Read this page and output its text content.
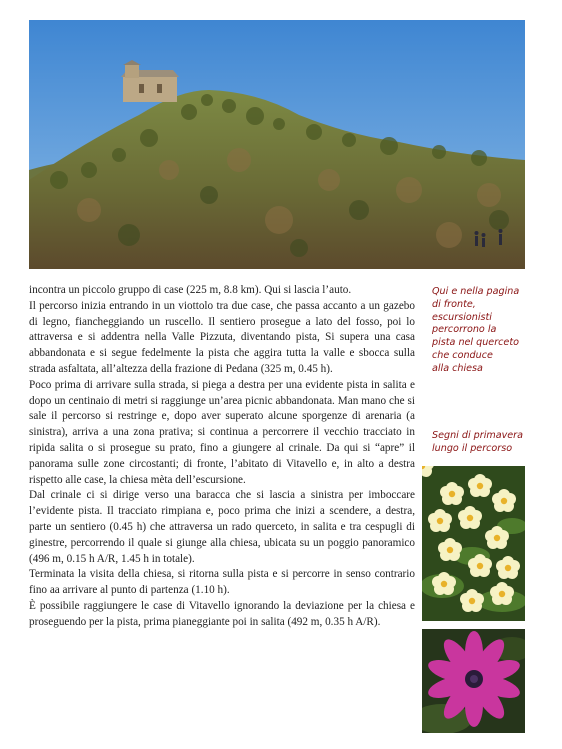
incontra un piccolo gruppo di case (225 m, 8.8 km). Qui si lascia l’auto.

Il percorso inizia entrando in un viottolo tra due case, che passa accanto a un gazebo di legno, fiancheggiando un ruscello. Il sentiero prosegue a lato del fosso, poi lo attraversa e si addentra nella Valle Pizzuta, diventando pista, Si supera una casa abbandonata e si segue fedelmente la pista che aggira tutta la valle e sbocca sulla strada asfaltata, all’altezza della frazione di Pedana (325 m, 0.45 h).

Poco prima di arrivare sulla strada, si piega a destra per una evidente pista in salita e dopo un centinaio di metri si raggiunge un’area picnic abbandonata. Man mano che si sale il percorso si restringe e, dopo aver superato alcune sporgenze di arenaria (a sinistra), arriva a una zona prativa; si continua a percorrere il vecchio tracciato in ripida salita o si prosegue su prato, fino a giungere al crinale. Da qui si “apre” il panorama sulle zone circostanti; di fronte, l’abitato di Vitavello e, in alto a destra rispetto alle case, la chiesa mèta dell’escursione.

Dal crinale ci si dirige verso una baracca che si lascia a sinistra per imboccare l’evidente pista. Il tracciato rimpiana e, poco prima che inizi a scendere, a destra, parte un sentiero (0.45 h) che attraversa un rado querceto, in salita e tra cespugli di ginestre, percorrendo il quale si giunge alla chiesa, ubicata su un poggio panoramico (496 m, 0.15 h A/R, 1.45 h in totale).

Terminata la visita della chiesa, si ritorna sulla pista e si percorre in senso contrario fino aa arrivare al punto di partenza (1.10 h).

È possibile raggiungere le case di Vitavello ignorando la deviazione per la chiesa e proseguendo per la pista, prima pianeggiante poi in salita (492 m, 0.35 h A/R).

Qui e nella pagina
di fronte,
escursionisti
percorrono la
pista nel querceto
che conduce
alla chiesa
Segni di primavera
lungo il percorso
